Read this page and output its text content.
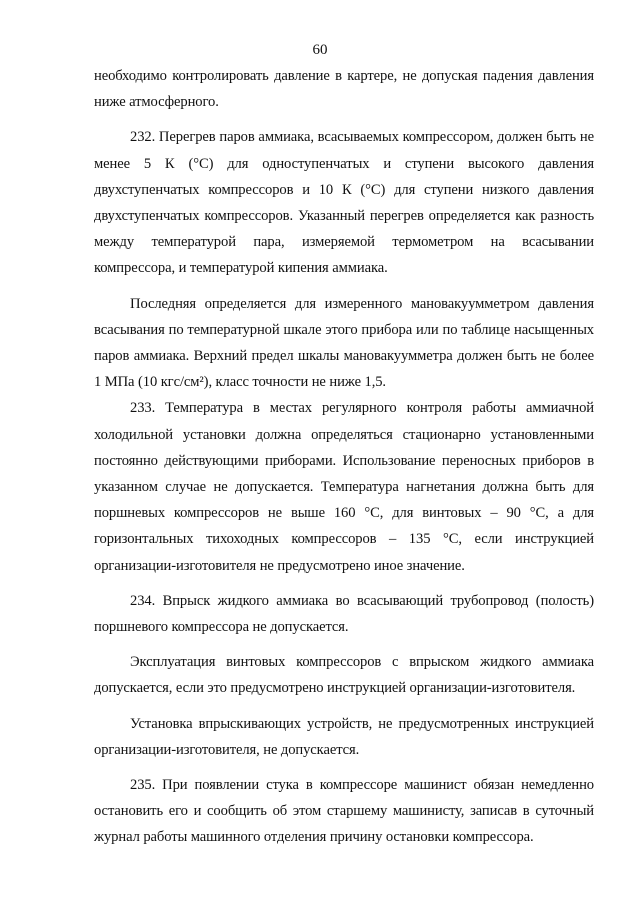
60

необходимо контролировать давление в картере, не допуская падения давления ниже атмосферного.

232. Перегрев паров аммиака, всасываемых компрессором, должен быть не менее 5 К (°С) для одноступенчатых и ступени высокого давления двухступенчатых компрессоров и 10 К (°С) для ступени низкого давления двухступенчатых компрессоров. Указанный перегрев определяется как разность между температурой пара, измеряемой термометром на всасывании компрессора, и температурой кипения аммиака.

Последняя определяется для измеренного мановакуумметром давления всасывания по температурной шкале этого прибора или по таблице насыщенных паров аммиака. Верхний предел шкалы мановакуумметра должен быть не более 1 МПа (10 кгс/см²), класс точности не ниже 1,5.

233. Температура в местах регулярного контроля работы аммиачной холодильной установки должна определяться стационарно установленными постоянно действующими приборами. Использование переносных приборов в указанном случае не допускается. Температура нагнетания должна быть для поршневых компрессоров не выше 160 °С, для винтовых – 90 °С, а для горизонтальных тихоходных компрессоров – 135 °С, если инструкцией организации-изготовителя не предусмотрено иное значение.

234. Впрыск жидкого аммиака во всасывающий трубопровод (полость) поршневого компрессора не допускается.

Эксплуатация винтовых компрессоров с впрыском жидкого аммиака допускается, если это предусмотрено инструкцией организации-изготовителя.

Установка впрыскивающих устройств, не предусмотренных инструкцией организации-изготовителя, не допускается.

235. При появлении стука в компрессоре машинист обязан немедленно остановить его и сообщить об этом старшему машинисту, записав в суточный журнал работы машинного отделения причину остановки компрессора.
